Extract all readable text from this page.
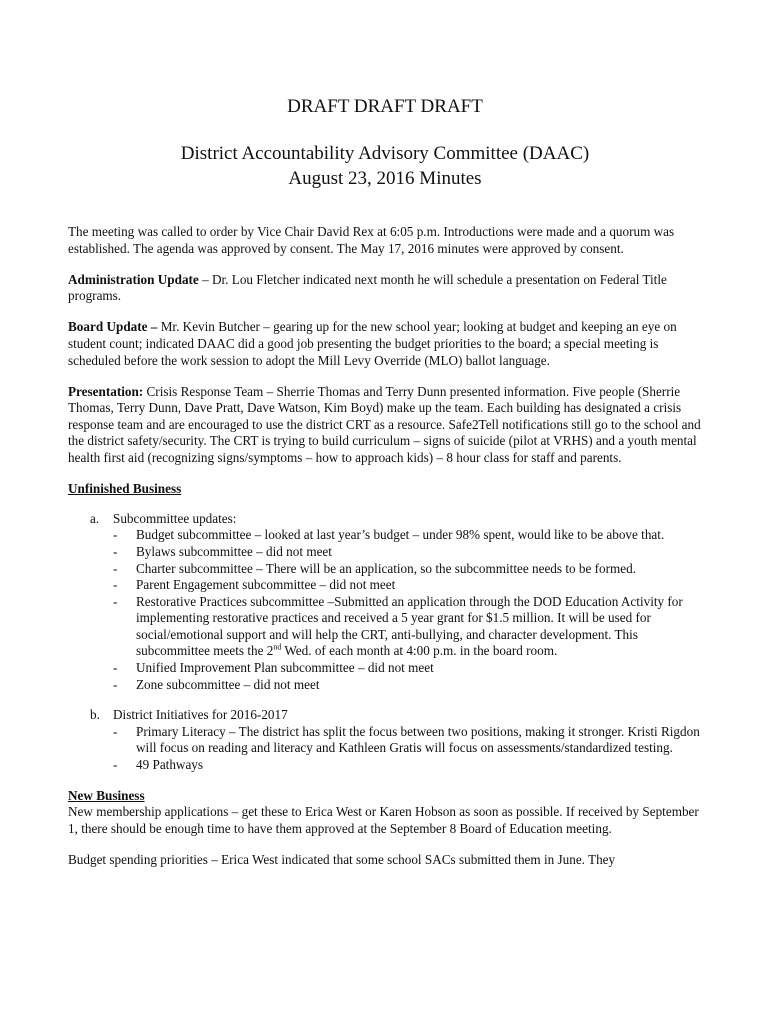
DRAFT DRAFT DRAFT
District Accountability Advisory Committee (DAAC)
August 23, 2016 Minutes

The meeting was called to order by Vice Chair David Rex at 6:05 p.m. Introductions were made and a quorum was established. The agenda was approved by consent. The May 17, 2016 minutes were approved by consent.

Administration Update – Dr. Lou Fletcher indicated next month he will schedule a presentation on Federal Title programs.

Board Update – Mr. Kevin Butcher – gearing up for the new school year; looking at budget and keeping an eye on student count; indicated DAAC did a good job presenting the budget priorities to the board; a special meeting is scheduled before the work session to adopt the Mill Levy Override (MLO) ballot language.

Presentation: Crisis Response Team – Sherrie Thomas and Terry Dunn presented information. Five people (Sherrie Thomas, Terry Dunn, Dave Pratt, Dave Watson, Kim Boyd) make up the team. Each building has designated a crisis response team and are encouraged to use the district CRT as a resource. Safe2Tell notifications still go to the school and the district safety/security. The CRT is trying to build curriculum – signs of suicide (pilot at VRHS) and a youth mental health first aid (recognizing signs/symptoms – how to approach kids) – 8 hour class for staff and parents.

Unfinished Business
a.	Subcommittee updates:
-	Budget subcommittee – looked at last year’s budget – under 98% spent, would like to be above that.
-	Bylaws subcommittee – did not meet
-	Charter subcommittee – There will be an application, so the subcommittee needs to be formed.
-	Parent Engagement subcommittee – did not meet
-	Restorative Practices subcommittee –Submitted an application through the DOD Education Activity for implementing restorative practices and received a 5 year grant for $1.5 million. It will be used for social/emotional support and will help the CRT, anti-bullying, and character development. This subcommittee meets the 2nd Wed. of each month at 4:00 p.m. in the board room.
-	Unified Improvement Plan subcommittee – did not meet
-	Zone subcommittee – did not meet
b. District Initiatives for 2016-2017
-	Primary Literacy – The district has split the focus between two positions, making it stronger. Kristi Rigdon will focus on reading and literacy and Kathleen Gratis will focus on assessments/standardized testing.
-	49 Pathways
New Business

New membership applications – get these to Erica West or Karen Hobson as soon as possible. If received by September 1, there should be enough time to have them approved at the September 8 Board of Education meeting.

Budget spending priorities – Erica West indicated that some school SACs submitted them in June. They
